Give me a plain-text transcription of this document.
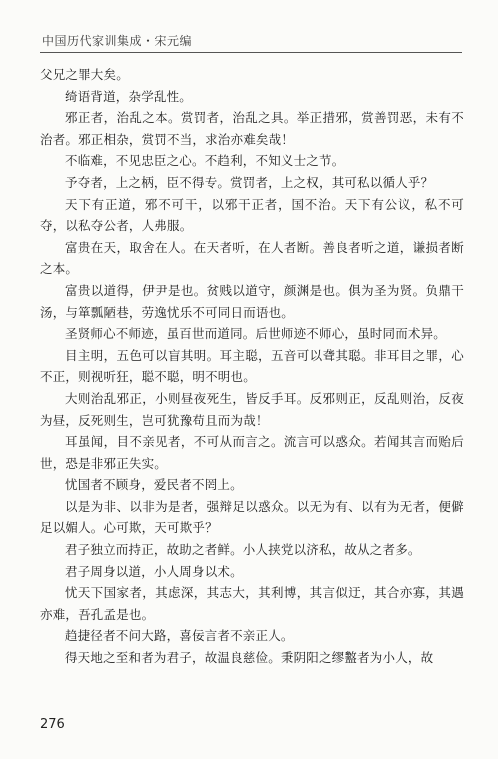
中国历代家训集成・宋元编

父兄之罪大矣。

绮语背道，杂学乱性。

邪正者，治乱之本。赏罚者，治乱之具。举正措邪，赏善罚恶，未有不治者。邪正相杂，赏罚不当，求治亦难矣哉！

不临难，不见忠臣之心。不趋利，不知义士之节。

予夺者，上之柄，臣不得专。赏罚者，上之权，其可私以循人乎？

天下有正道，邪不可干，以邪干正者，国不治。天下有公议，私不可夺，以私夺公者，人弗服。

富贵在天，取舍在人。在天者听，在人者断。善良者听之道，谦损者断之本。

富贵以道得，伊尹是也。贫贱以道守，颜渊是也。俱为圣为贤。负鼎干汤，与箪瓢陋巷，劳逸忧乐不可同日而语也。

圣贤师心不师迹，虽百世而道同。后世师迹不师心，虽时同而术异。

目主明，五色可以盲其明。耳主聪，五音可以聋其聪。非耳目之罪，心不正，则视听狂，聪不聪，明不明也。

大则治乱邪正，小则昼夜死生，皆反手耳。反邪则正，反乱则治，反夜为昼，反死则生，岂可犹豫苟且而为哉！

耳虽闻，目不亲见者，不可从而言之。流言可以惑众。若闻其言而贻后世，恐是非邪正失实。

忧国者不顾身，爱民者不罔上。

以是为非、以非为是者，强辩足以惑众。以无为有、以有为无者，便僻足以媚人。心可欺，天可欺乎？

君子独立而持正，故助之者鲜。小人挟党以济私，故从之者多。

君子周身以道，小人周身以术。

忧天下国家者，其虑深，其志大，其利博，其言似迂，其合亦寡，其遇亦难，吾孔孟是也。

趋捷径者不问大路，喜佞言者不亲正人。

得天地之至和者为君子，故温良慈俭。秉阴阳之缪盭者为小人，故

276
